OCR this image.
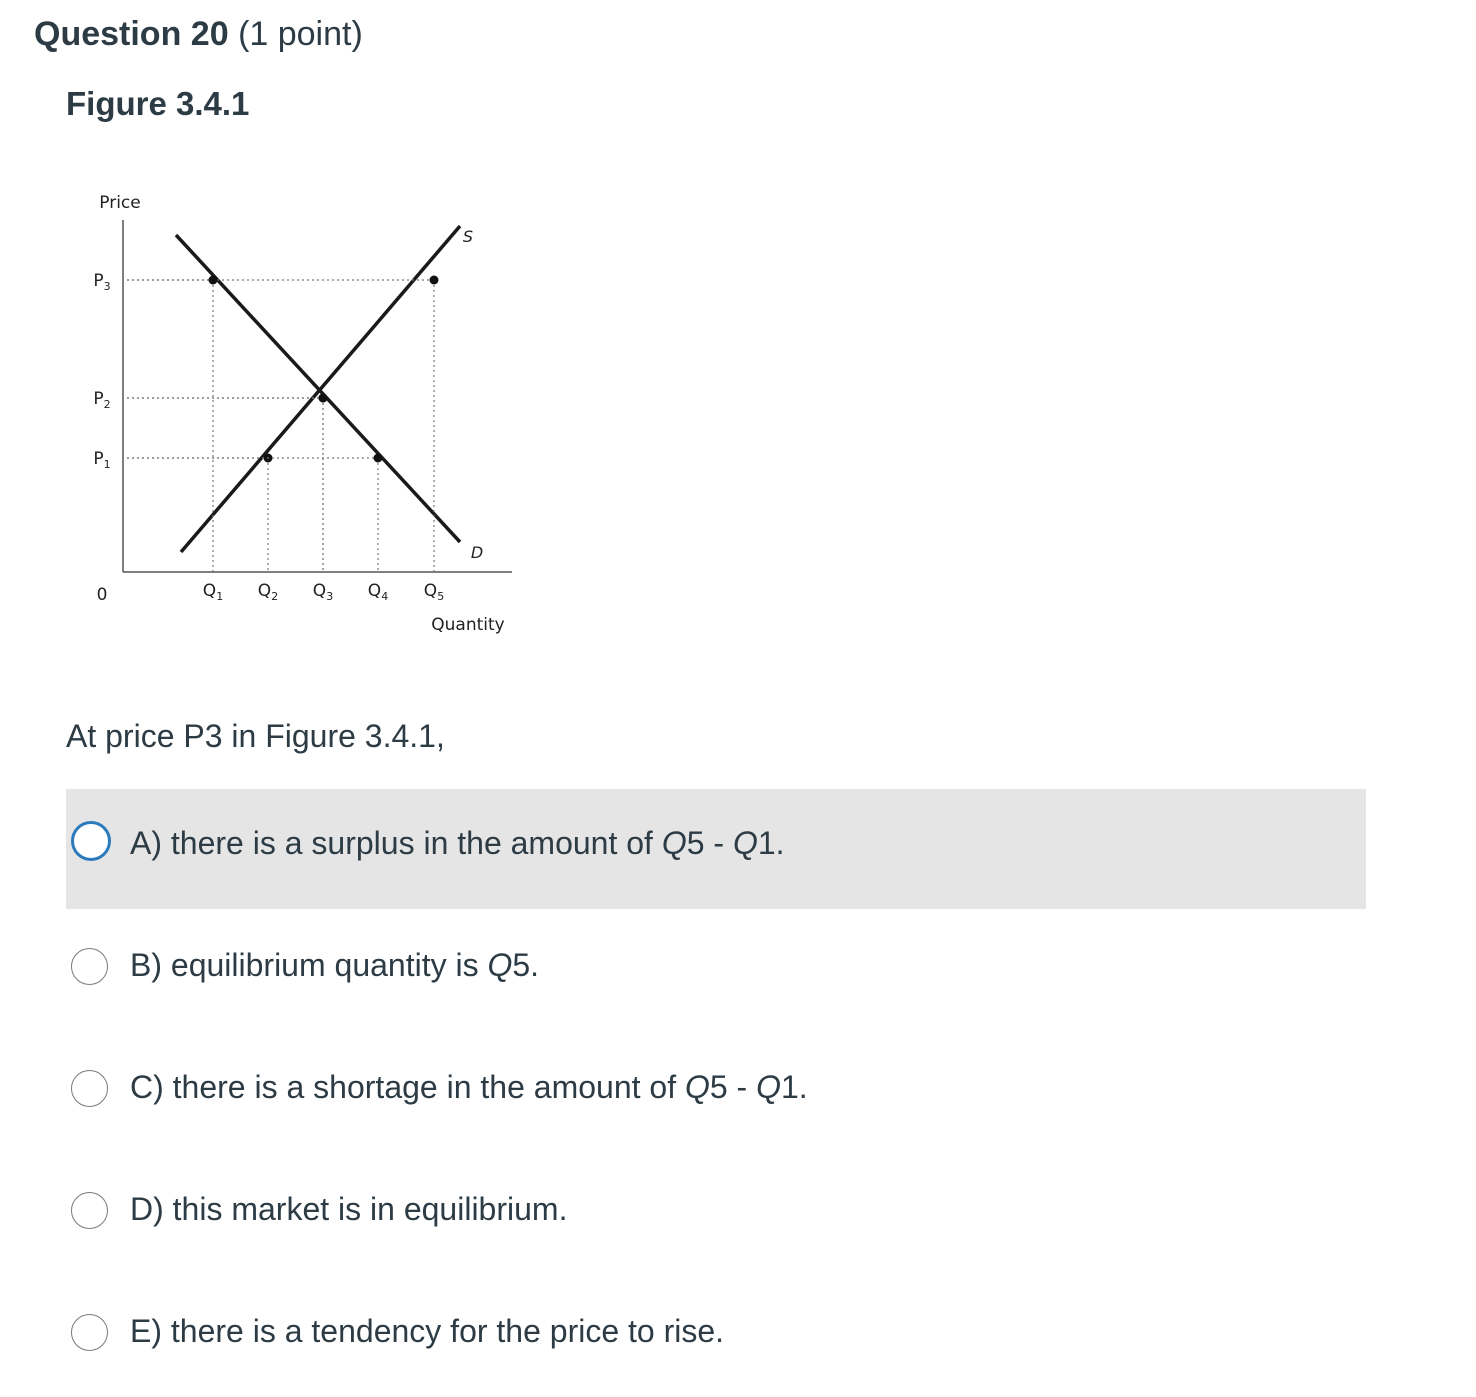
Question 20 (1 point)
Figure 3.4.1
Price
Quantity
0
S
D
$Q_1$ $Q_2$ $Q_3$ $Q_4$ $Q_5$
$P_1$
$P_2$
$P_3$
At price P3 in Figure 3.4.1,
A) there is a surplus in the amount of Q5 - Q1.
B) equilibrium quantity is Q5.
C) there is a shortage in the amount of Q5 - Q1.
D) this market is in equilibrium.
E) there is a tendency for the price to rise.
